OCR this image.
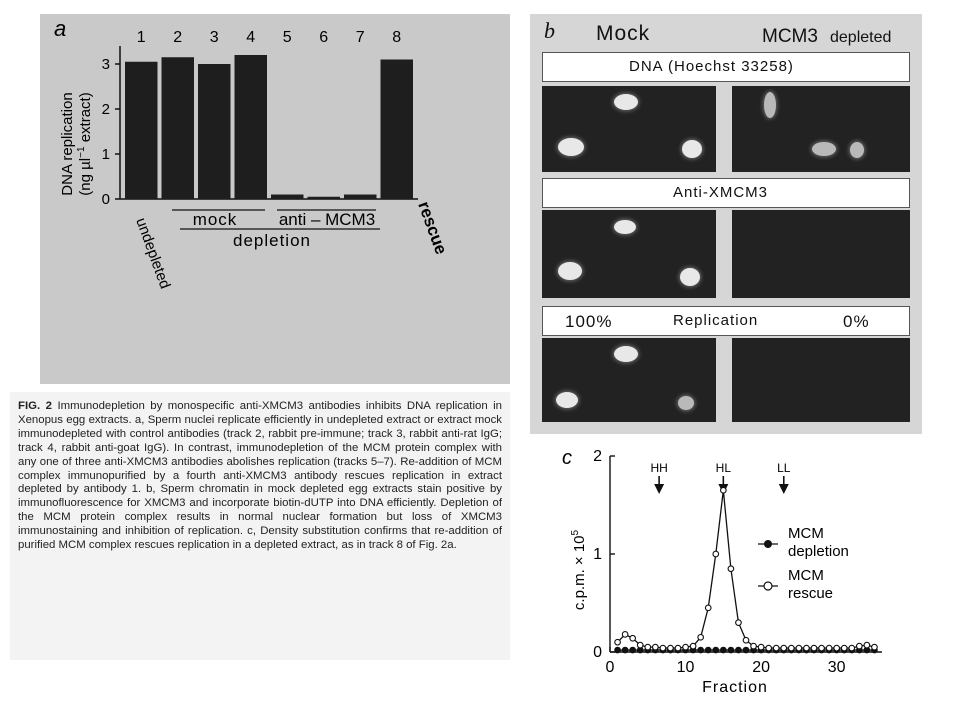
a
DNA replication (ng µl$^{-1}$ extract)
0
1
2
3
1 2 3 4 5 6 7 8
undepleted mock anti – MCM3
depletion	rescue
b Mock	MCM3 depleted
DNA (Hoechst 33258)
Anti-XMCM3
100%	Replication	0%

FIG. 2 Immunodepletion by monospecific anti-XMCM3 antibodies inhibits DNA replication in Xenopus egg extracts. a, Sperm nuclei replicate efficiently in undepleted extract or extract mock immunodepleted with control antibodies (track 2, rabbit pre-immune; track 3, rabbit anti-rat IgG; track 4, rabbit anti-goat IgG). In contrast, immunodepletion of the MCM protein complex with any one of three anti-XMCM3 antibodies abolishes replication (tracks 5–7). Re-addition of MCM complex immunopurified by a fourth anti-XMCM3 antibody rescues replication in extract depleted by antibody 1. b, Sperm chromatin in mock depleted egg extracts stain positive by immunofluorescence for XMCM3 and incorporate biotin-dUTP into DNA efficiently. Depletion of the MCM protein complex results in normal nuclear formation but loss of XMCM3 immunostaining and inhibition of replication. c, Density substitution confirms that re-addition of purified MCM complex rescues replication in a depleted extract, as in track 8 of Fig. 2a.

c
c.p.m. × $10^5$
Fraction
0
1
2
0	10	20	30
HH	HL	LL
MCM
depletion
MCM
rescue
